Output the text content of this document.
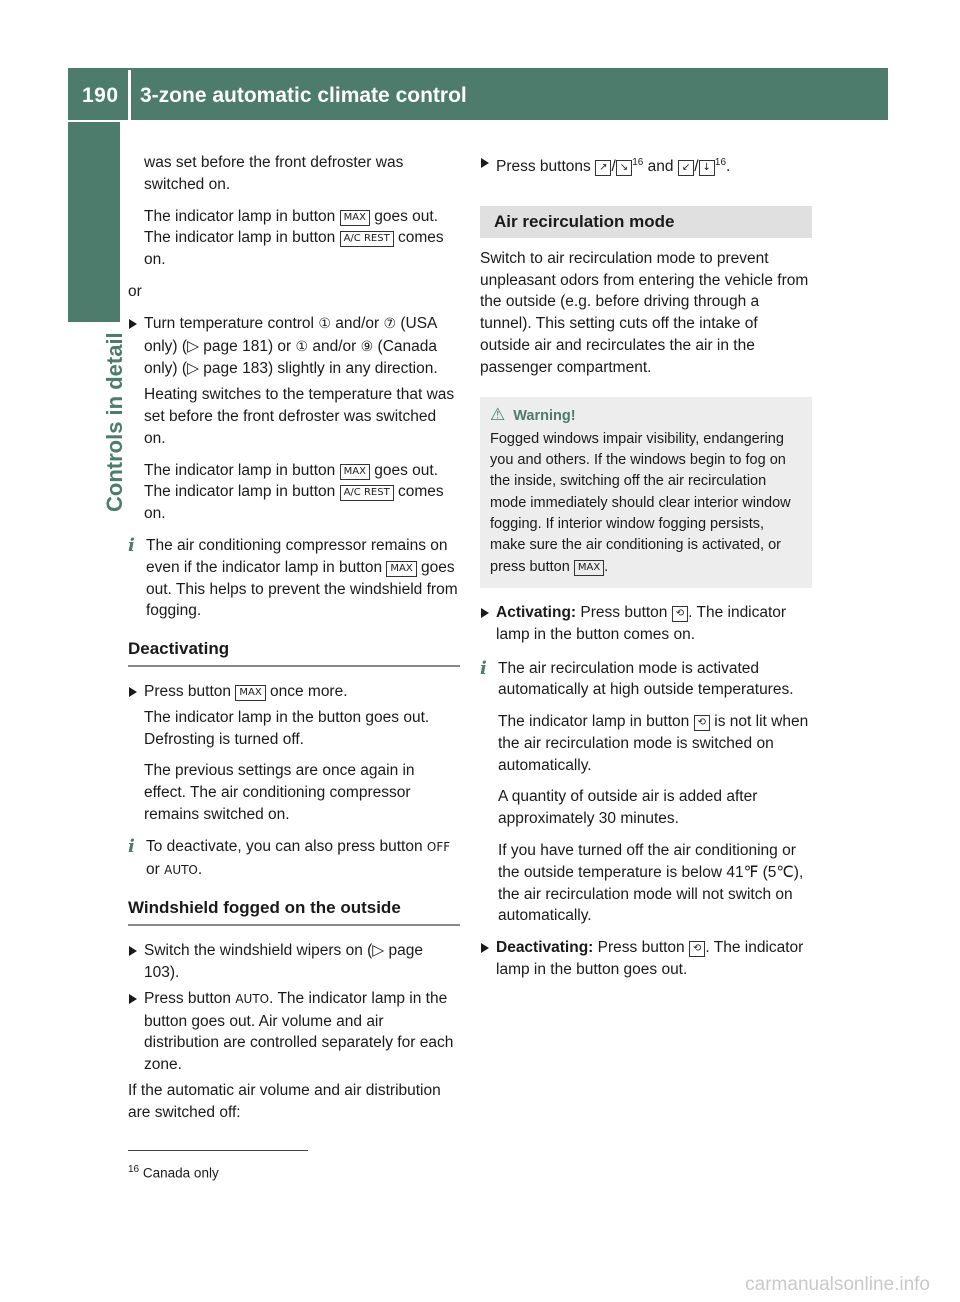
190 3-zone automatic climate control
Controls in detail

was set before the front defroster was switched on.

The indicator lamp in button MAX goes out. The indicator lamp in button A/C REST comes on.

or

Turn temperature control ① and/or ⑦ (USA only) (▷ page 181) or ① and/or ⑨ (Canada only) (▷ page 183) slightly in any direction.

Heating switches to the temperature that was set before the front defroster was switched on.

The indicator lamp in button MAX goes out. The indicator lamp in button A/C REST comes on.

i The air conditioning compressor remains on even if the indicator lamp in button MAX goes out. This helps to prevent the windshield from fogging.
Deactivating
Press button MAX once more.

The indicator lamp in the button goes out. Defrosting is turned off.

The previous settings are once again in effect. The air conditioning compressor remains switched on.

i To deactivate, you can also press button OFF or AUTO.
Windshield fogged on the outside
Switch the windshield wipers on (▷ page 103).
Press button AUTO. The indicator lamp in the button goes out. Air volume and air distribution are controlled separately for each zone.

If the automatic air volume and air distribution are switched off:

Press buttons ↗ / ↘ $^{16}$ and ↙ / ↓ $^{16}$.
Air recirculation mode

Switch to air recirculation mode to prevent unpleasant odors from entering the vehicle from the outside (e.g. before driving through a tunnel). This setting cuts off the intake of outside air and recirculates the air in the passenger compartment.

⚠ Warning!
Fogged windows impair visibility, endangering you and others. If the windows begin to fog on the inside, switching off the air recirculation mode immediately should clear interior window fogging. If interior window fogging persists, make sure the air conditioning is activated, or press button MAX .
Activating: Press button ⟲ . The indicator lamp in the button comes on.
i The air recirculation mode is activated automatically at high outside temperatures.

The indicator lamp in button ⟲ is not lit when the air recirculation mode is switched on automatically.

A quantity of outside air is added after approximately 30 minutes.

If you have turned off the air conditioning or the outside temperature is below 41℉ (5℃), the air recirculation mode will not switch on automatically.

Deactivating: Press button ⟲ . The indicator lamp in the button goes out.
$^{16}$ Canada only
carmanualsonline.info
